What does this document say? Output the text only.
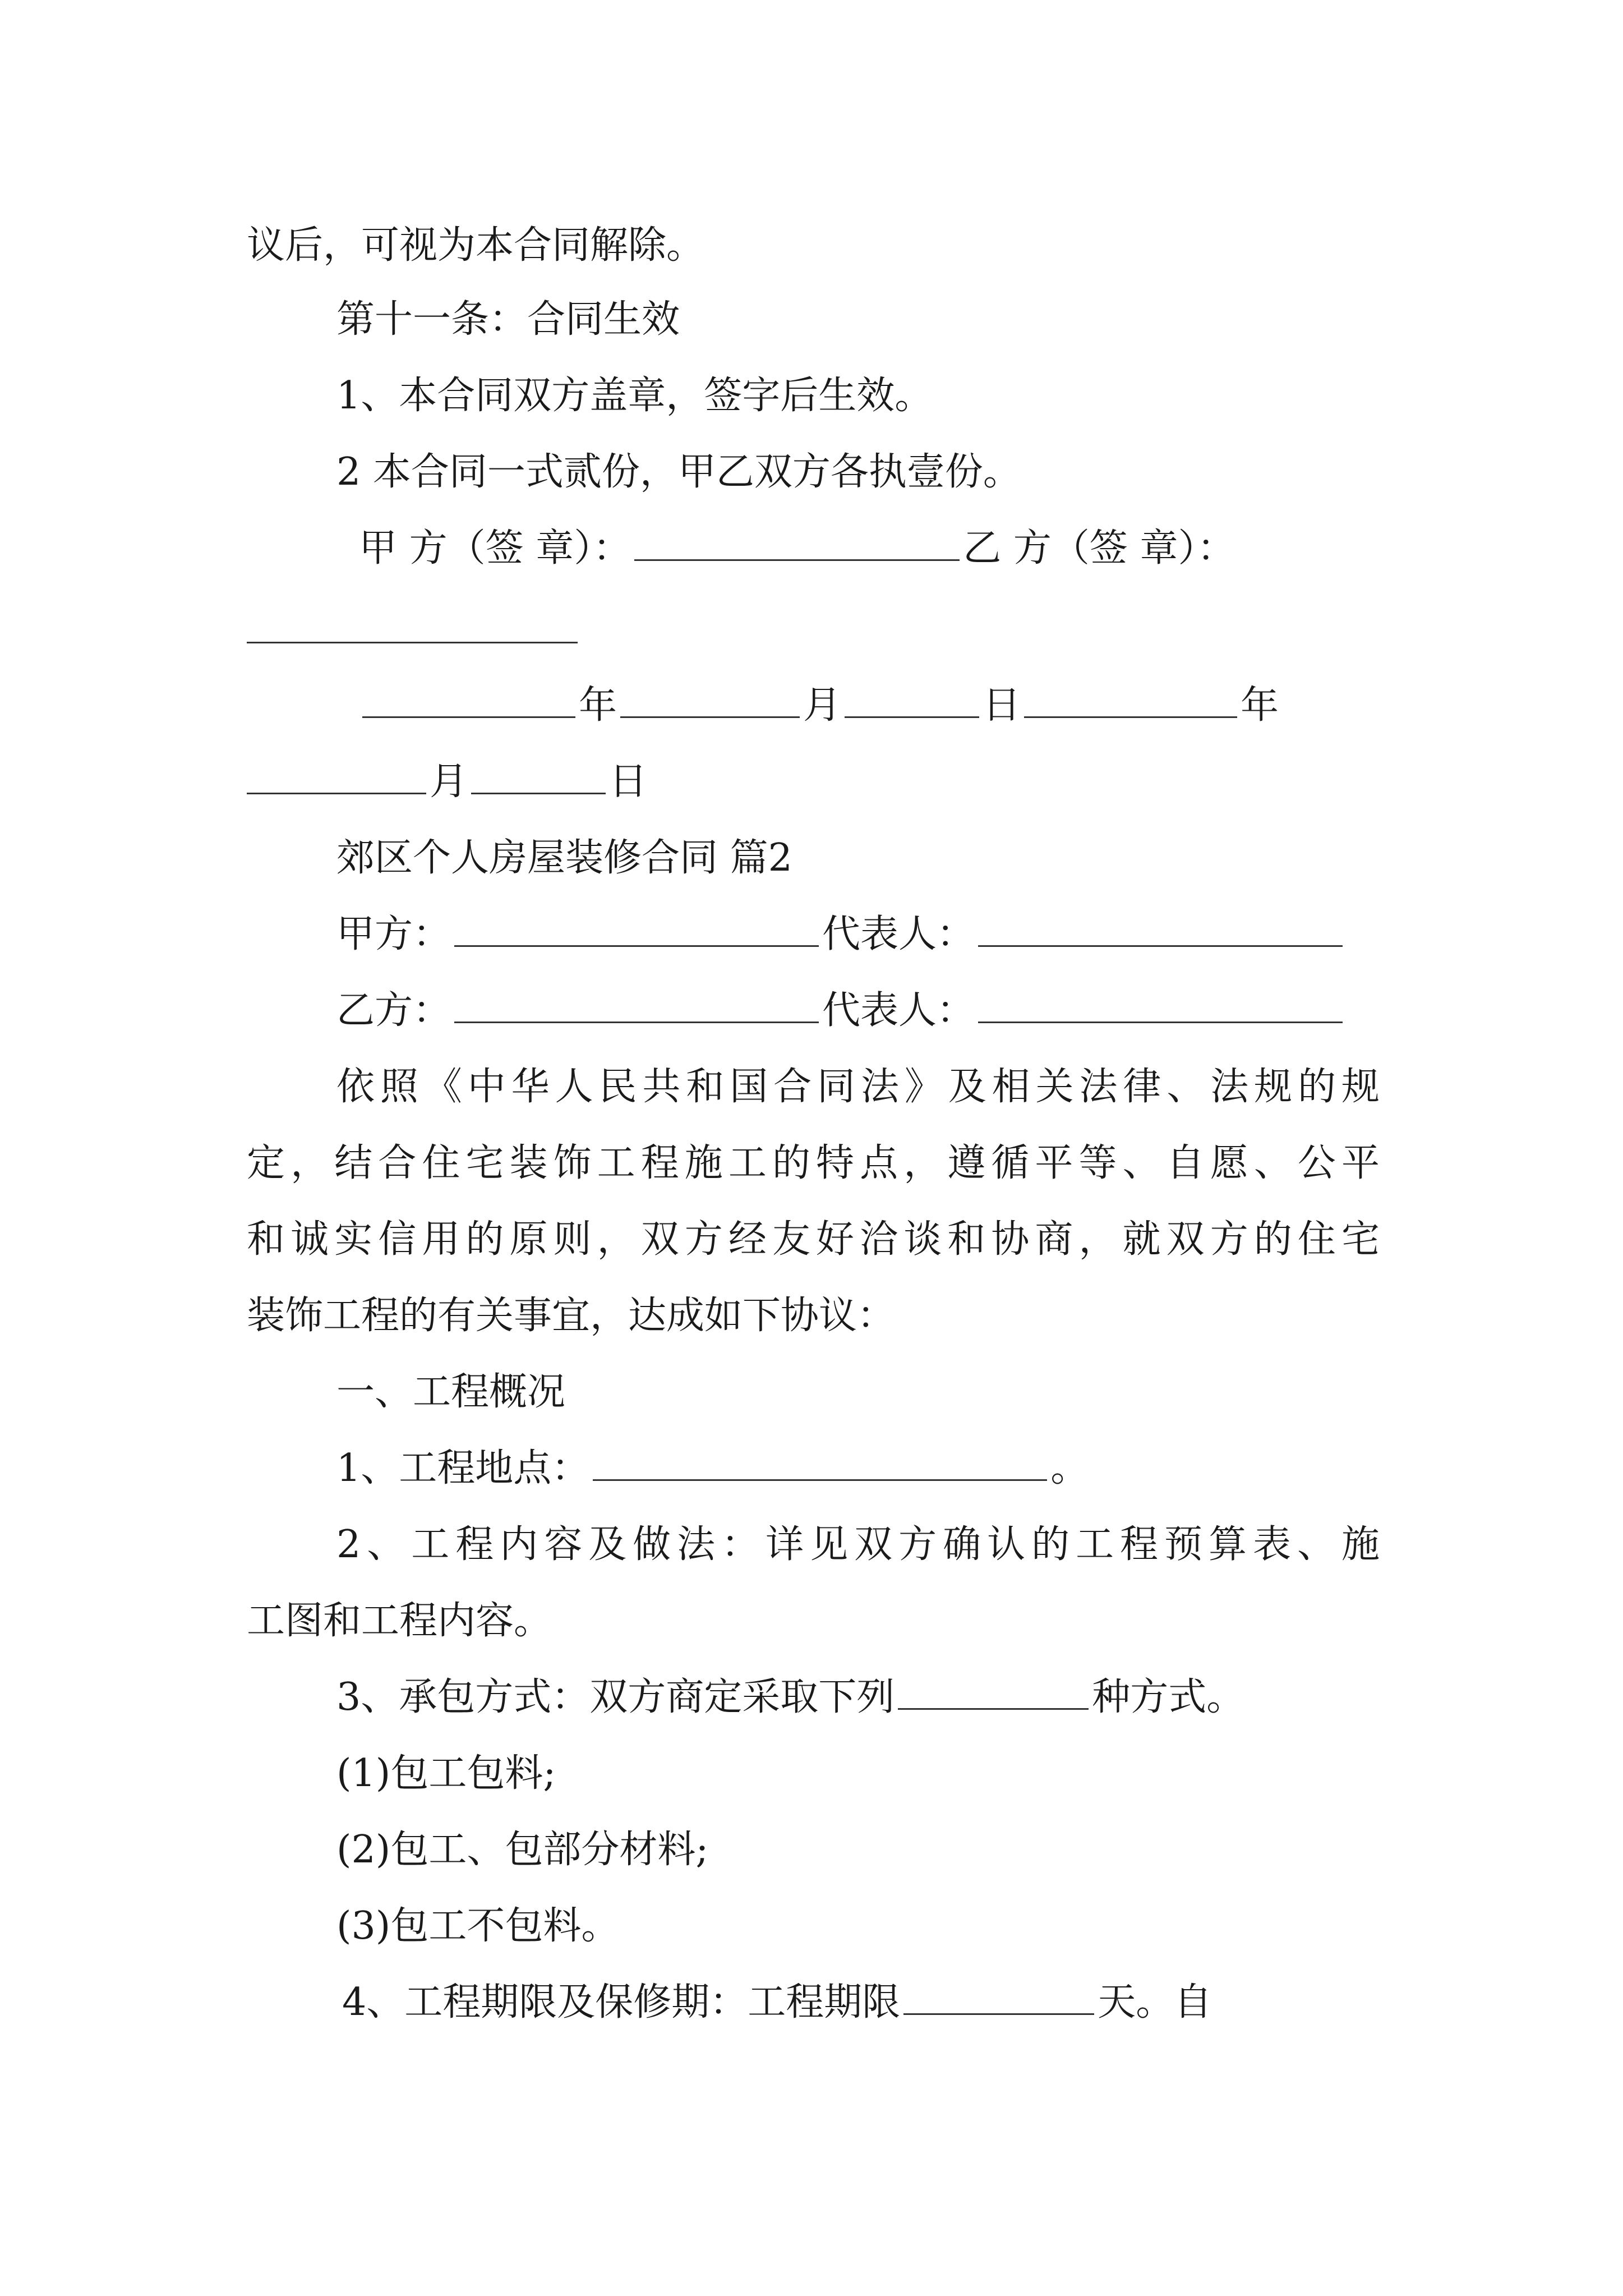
议后，可视为本合同解除。
第十一条：合同生效
1、本合同双方盖章，签字后生效。
2 本合同一式贰份，甲乙双方各执壹份。
甲 方（签 章）：	乙 方（签 章）：
年	月	日	年
月	日
郊区个人房屋装修合同 篇2
甲方：	代表人：
乙方：	代表人：
依照《中华人民共和国合同法》及相关法律、法规的规
定，结合住宅装饰工程施工的特点，遵循平等、自愿、公平
和诚实信用的原则，双方经友好洽谈和协商，就双方的住宅
装饰工程的有关事宜，达成如下协议：
一、工程概况
1、工程地点：	。
2、工程内容及做法：详见双方确认的工程预算表、施
工图和工程内容。
3、承包方式：双方商定采取下列	种方式。
(1)包工包料;
(2)包工、包部分材料;
(3)包工不包料。
4、工程期限及保修期：工程期限	天。自
